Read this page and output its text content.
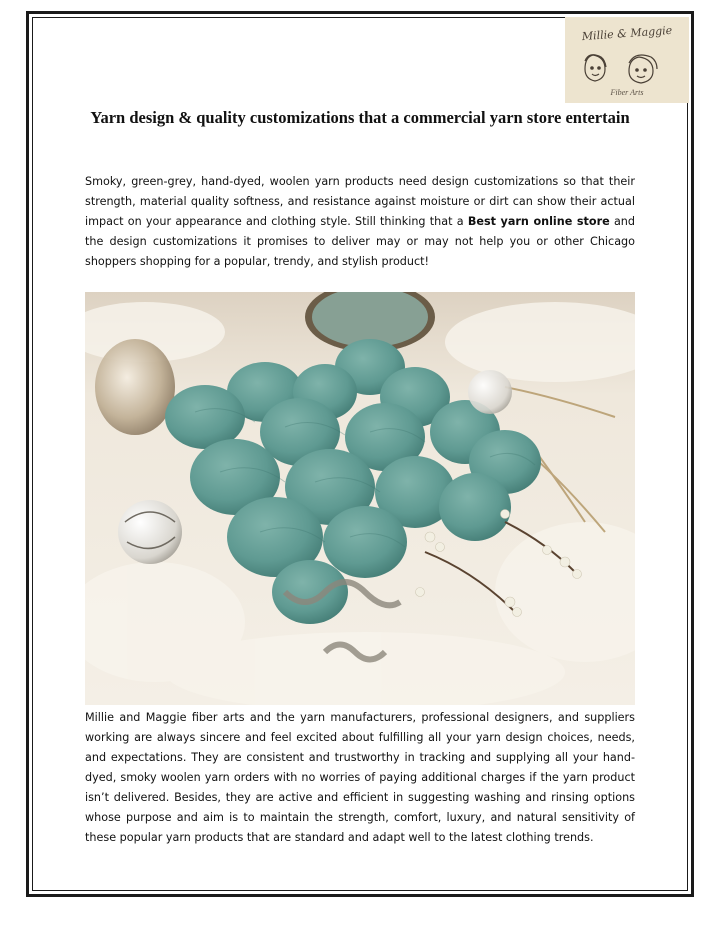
Millie & Maggie
Fiber Arts
Yarn design & quality customizations that a commercial yarn store entertain

Smoky, green-grey, hand-dyed, woolen yarn products need design customizations so that their strength, material quality softness, and resistance against moisture or dirt can show their actual impact on your appearance and clothing style. Still thinking that a Best yarn online store and the design customizations it promises to deliver may or may not help you or other Chicago shoppers shopping for a popular, trendy, and stylish product!

Millie and Maggie fiber arts and the yarn manufacturers, professional designers, and suppliers working are always sincere and feel excited about fulfilling all your yarn design choices, needs, and expectations. They are consistent and trustworthy in tracking and supplying all your hand-dyed, smoky woolen yarn orders with no worries of paying additional charges if the yarn product isn’t delivered. Besides, they are active and efficient in suggesting washing and rinsing options whose purpose and aim is to maintain the strength, comfort, luxury, and natural sensitivity of these popular yarn products that are standard and adapt well to the latest clothing trends.
